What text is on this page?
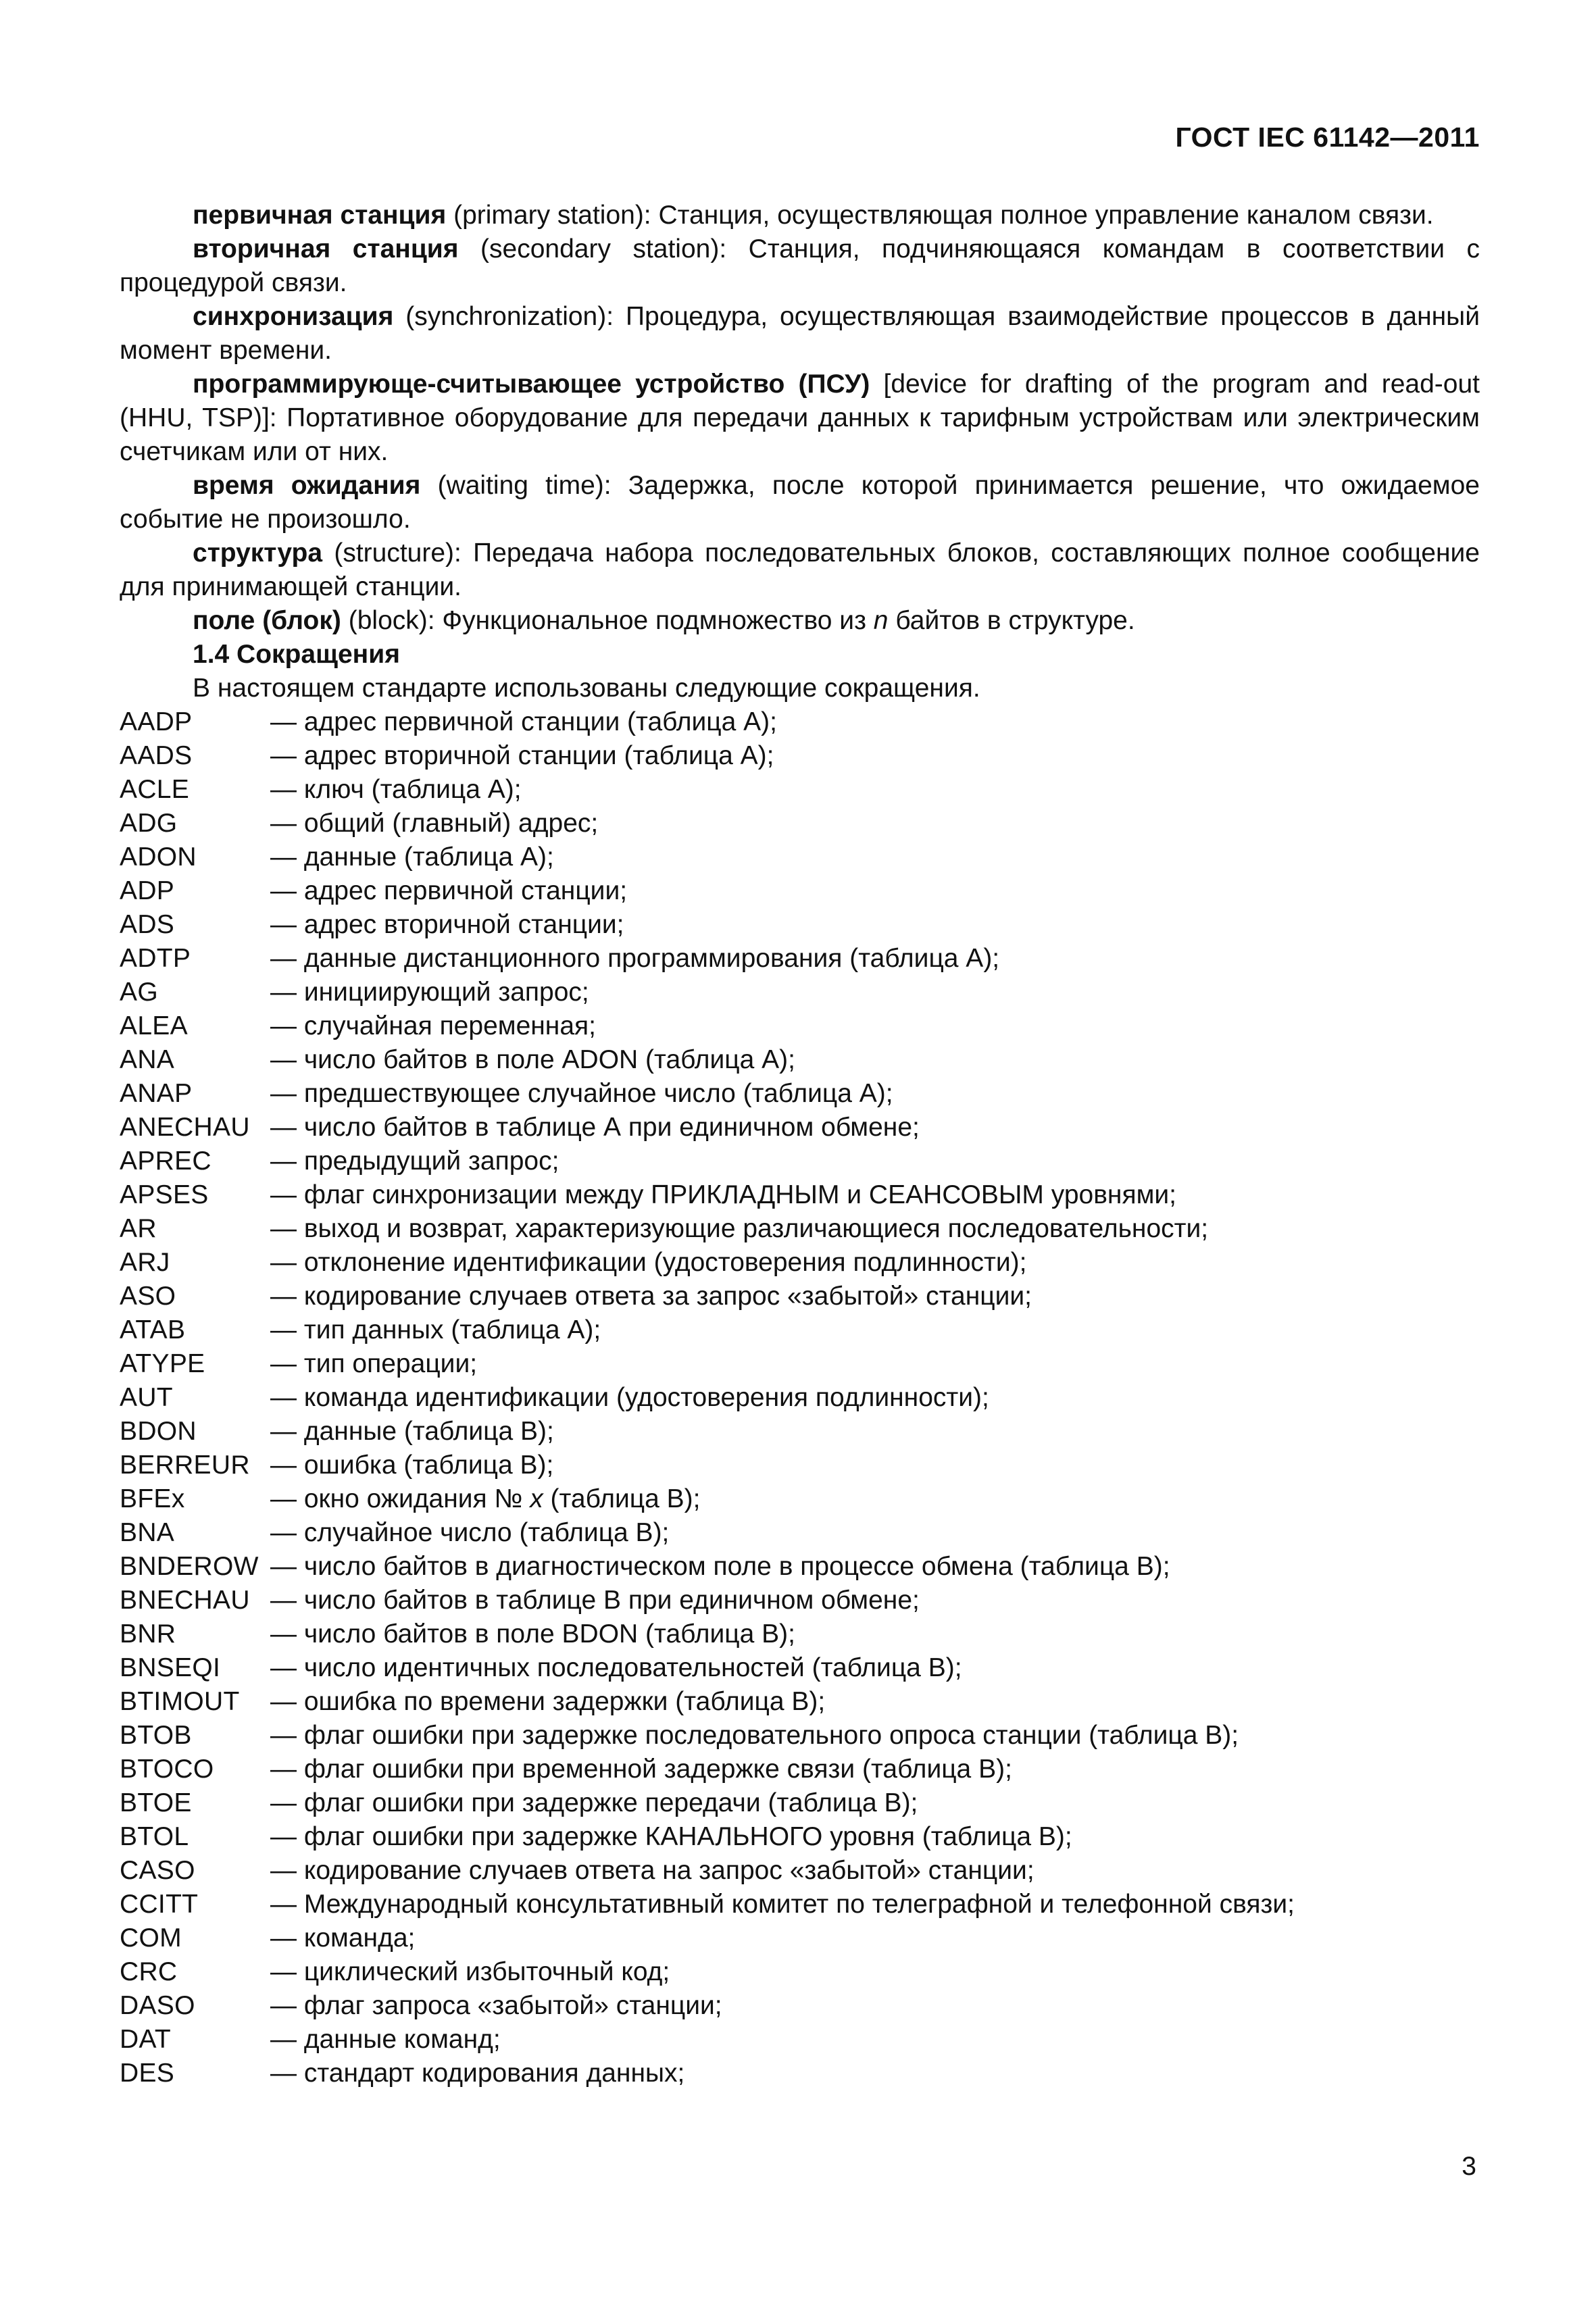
ГОСТ IEC 61142—2011

первичная станция (primary station): Станция, осуществляющая полное управление каналом связи.

вторичная станция (secondary station): Станция, подчиняющаяся командам в соответствии с процедурой связи.

синхронизация (synchronization): Процедура, осуществляющая взаимодействие процессов в данный момент времени.

программирующе-считывающее устройство (ПСУ) [device for drafting of the program and read-out (HHU, TSP)]: Портативное оборудование для передачи данных к тарифным устройствам или электрическим счетчикам или от них.

время ожидания (waiting time): Задержка, после которой принимается решение, что ожидаемое событие не произошло.

структура (structure): Передача набора последовательных блоков, составляющих полное сообщение для принимающей станции.

поле (блок) (block): Функциональное подмножество из n байтов в структуре.

1.4 Сокращения

В настоящем стандарте использованы следующие сокращения.

AADP	— адрес первичной станции (таблица А);
AADS	— адрес вторичной станции (таблица А);
ACLE	— ключ (таблица А);
ADG	— общий (главный) адрес;
ADON	— данные (таблица А);
ADP	— адрес первичной станции;
ADS	— адрес вторичной станции;
ADTP	— данные дистанционного программирования (таблица А);
AG	— инициирующий запрос;
ALEA	— случайная переменная;
ANA	— число байтов в поле ADON (таблица А);
ANAP	— предшествующее случайное число (таблица А);
ANECHAU — число байтов в таблице А при единичном обмене;
APREC	— предыдущий запрос;
APSES	— флаг синхронизации между ПРИКЛАДНЫМ и СЕАНСОВЫМ уровнями;
AR	— выход и возврат, характеризующие различающиеся последовательности;
ARJ	— отклонение идентификации (удостоверения подлинности);
ASO	— кодирование случаев ответа за запрос «забытой» станции;
ATAB	— тип данных (таблица А);
ATYPE	— тип операции;
AUT	— команда идентификации (удостоверения подлинности);
BDON	— данные (таблица В);
BERREUR — ошибка (таблица В);
BFEx	— окно ожидания № x (таблица В);
BNA	— случайное число (таблица В);
BNDEROW — число байтов в диагностическом поле в процессе обмена (таблица В);
BNECHAU — число байтов в таблице В при единичном обмене;
BNR	— число байтов в поле BDON (таблица В);
BNSEQI	— число идентичных последовательностей (таблица В);
BTIMOUT	— ошибка по времени задержки (таблица В);
BTOB	— флаг ошибки при задержке последовательного опроса станции (таблица В);
BTOCO	— флаг ошибки при временной задержке связи (таблица В);
BTOE	— флаг ошибки при задержке передачи (таблица В);
BTOL	— флаг ошибки при задержке КАНАЛЬНОГО уровня (таблица В);
CASO	— кодирование случаев ответа на запрос «забытой» станции;
CCITT	— Международный консультативный комитет по телеграфной и телефонной связи;
COM	— команда;
CRC	— циклический избыточный код;
DASO	— флаг запроса «забытой» станции;
DAT	— данные команд;
DES	— стандарт кодирования данных;
3
